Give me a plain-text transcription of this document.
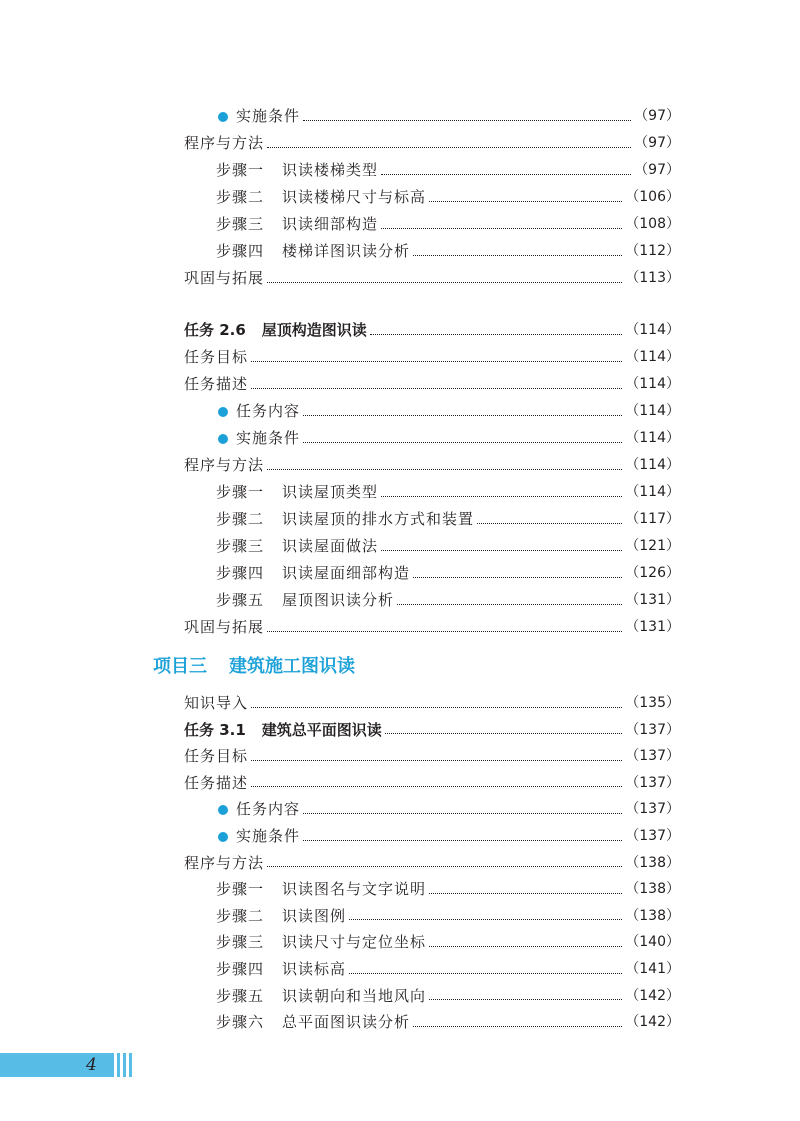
实施条件	（97）
程序与方法	（97）
步骤一 识读楼梯类型	（97）
步骤二 识读楼梯尺寸与标高	（106）
步骤三 识读细部构造	（108）
步骤四 楼梯详图识读分析	（112）
巩固与拓展	（113）
任务 2.6 屋顶构造图识读	（114）
任务目标	（114）
任务描述	（114）
任务内容	（114）
实施条件	（114）
程序与方法	（114）
步骤一 识读屋顶类型	（114）
步骤二 识读屋顶的排水方式和装置	（117）
步骤三 识读屋面做法	（121）
步骤四 识读屋面细部构造	（126）
步骤五 屋顶图识读分析	（131）
巩固与拓展	（131）
知识导入	（135）
任务 3.1 建筑总平面图识读	（137）
任务目标	（137）
任务描述	（137）
任务内容	（137）
实施条件	（137）
程序与方法	（138）
步骤一 识读图名与文字说明	（138）
步骤二 识读图例	（138）
步骤三 识读尺寸与定位坐标	（140）
步骤四 识读标高	（141）
步骤五 识读朝向和当地风向	（142）
步骤六 总平面图识读分析	（142）
项目三 建筑施工图识读
4
